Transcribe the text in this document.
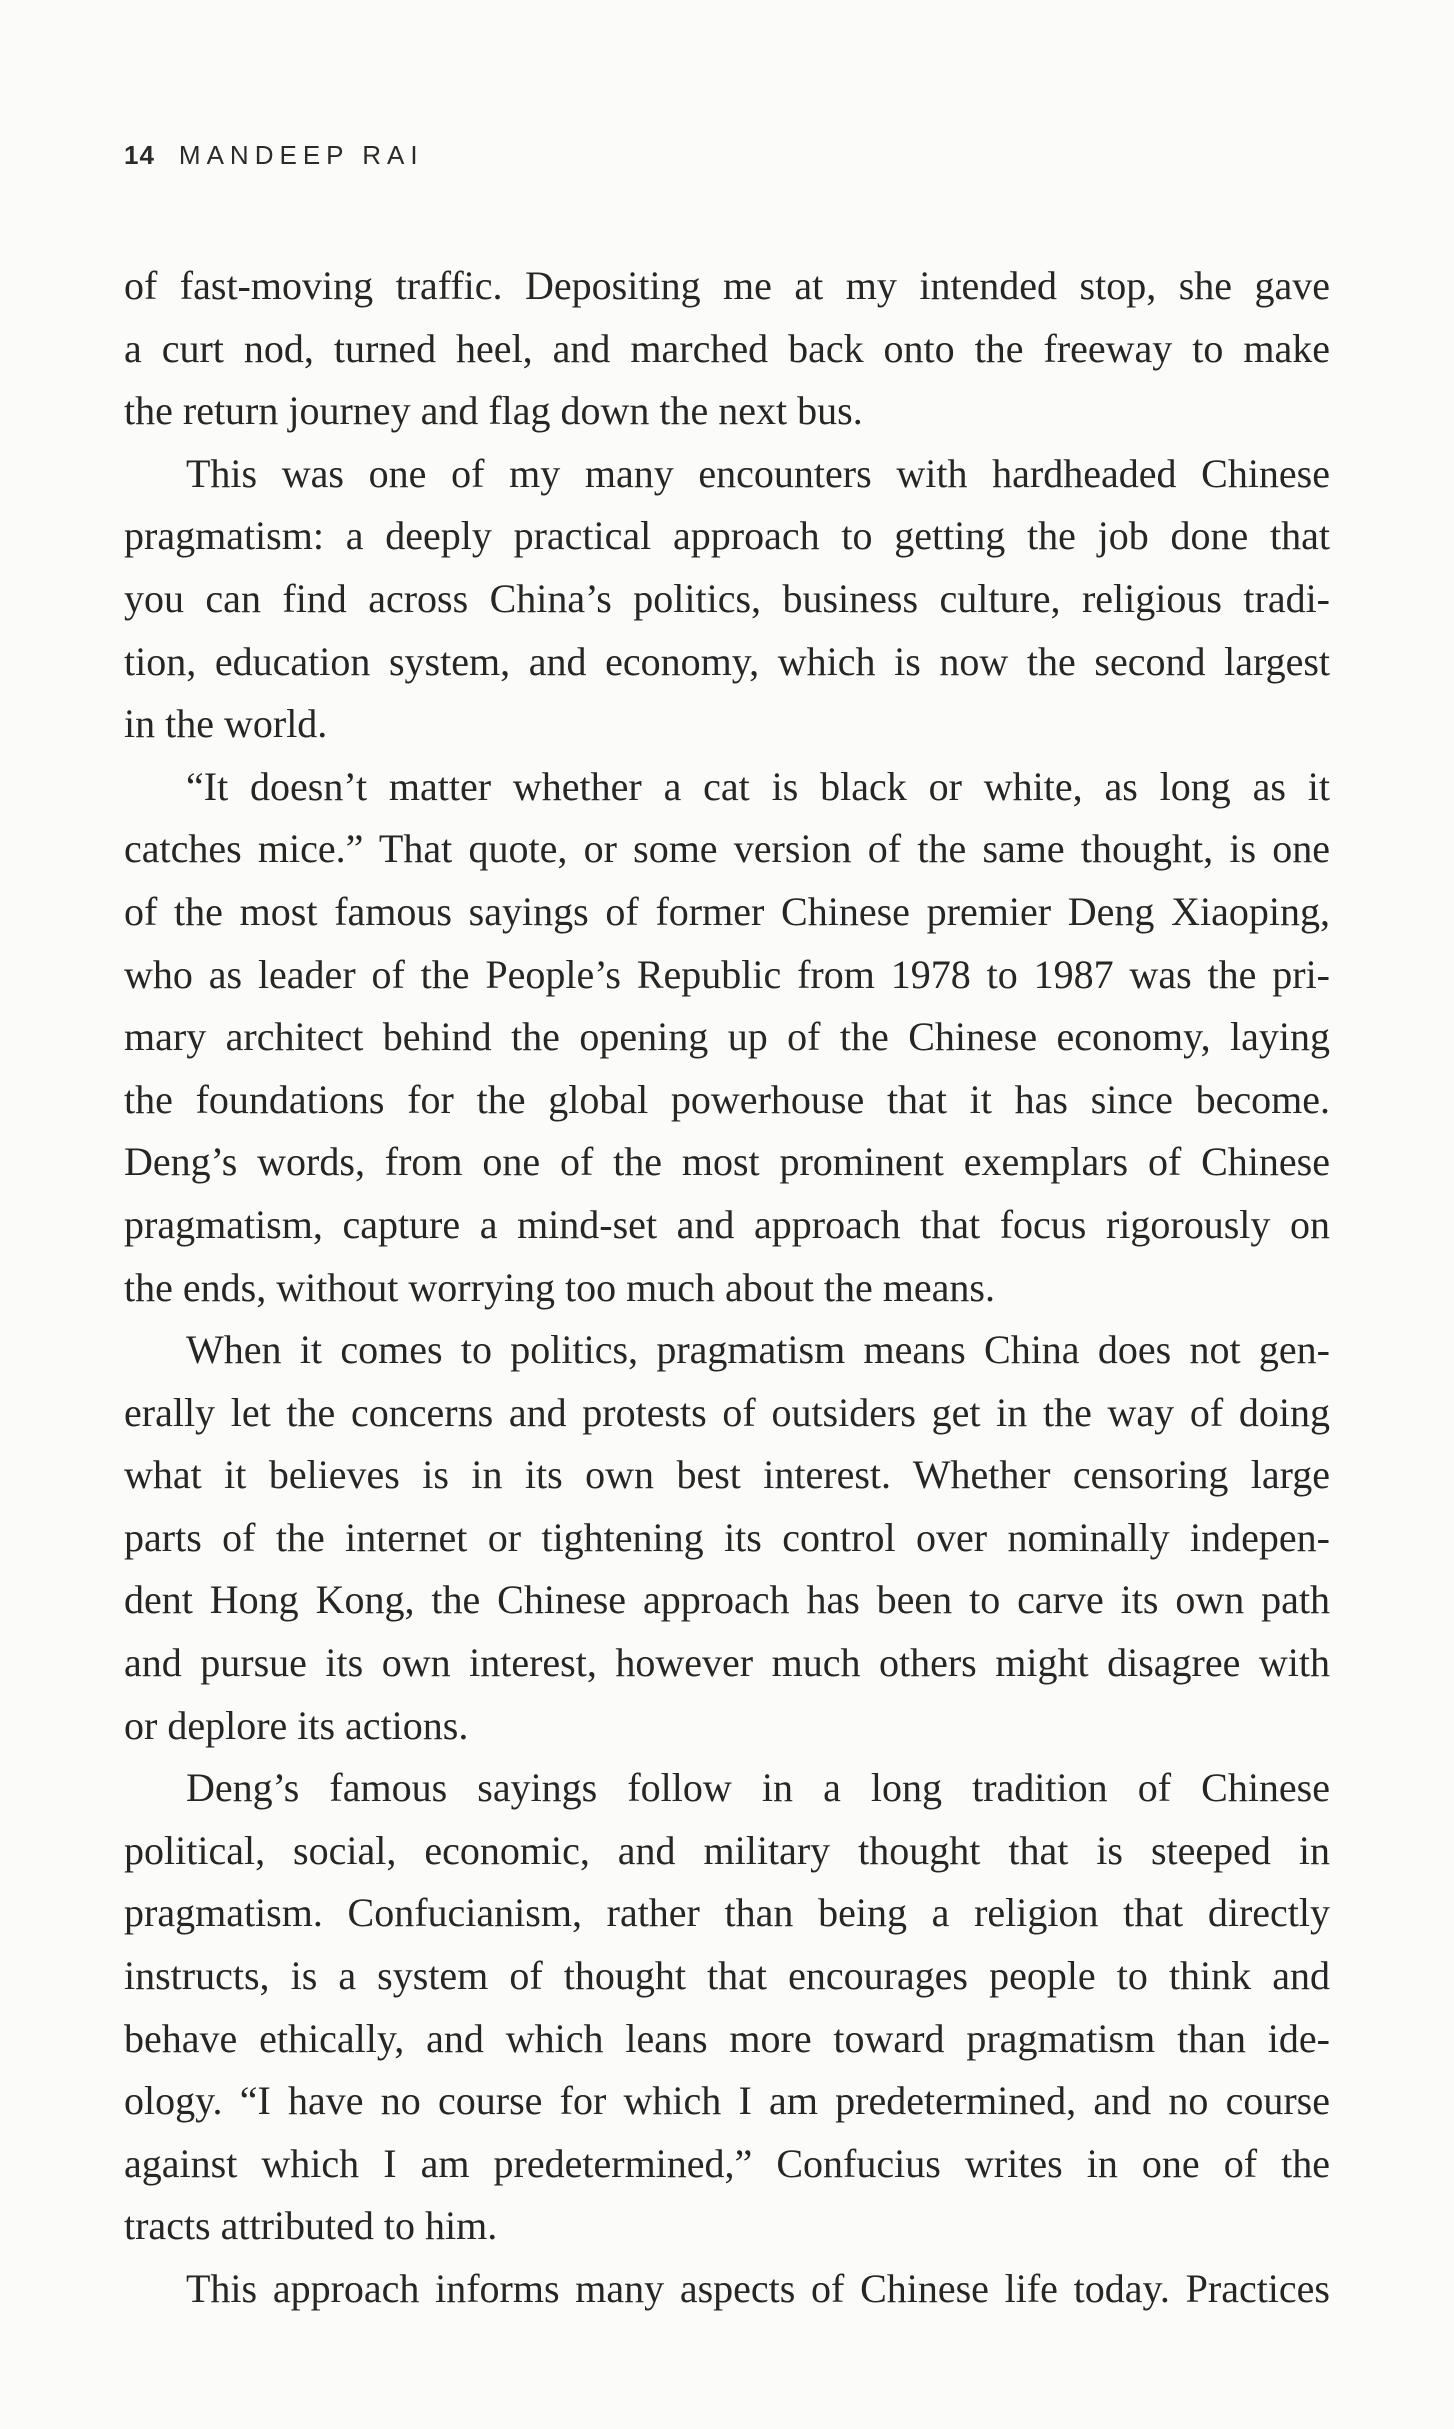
14 MANDEEP RAI
of fast-moving traffic. Depositing me at my intended stop, she gave
a curt nod, turned heel, and marched back onto the freeway to make
the return journey and flag down the next bus.
This was one of my many encounters with hardheaded Chinese
pragmatism: a deeply practical approach to getting the job done that
you can find across China’s politics, business culture, religious tradi-
tion, education system, and economy, which is now the second largest
in the world.
“It doesn’t matter whether a cat is black or white, as long as it
catches mice.” That quote, or some version of the same thought, is one
of the most famous sayings of former Chinese premier Deng Xiaoping,
who as leader of the People’s Republic from 1978 to 1987 was the pri-
mary architect behind the opening up of the Chinese economy, laying
the foundations for the global powerhouse that it has since become.
Deng’s words, from one of the most prominent exemplars of Chinese
pragmatism, capture a mind-set and approach that focus rigorously on
the ends, without worrying too much about the means.
When it comes to politics, pragmatism means China does not gen-
erally let the concerns and protests of outsiders get in the way of doing
what it believes is in its own best interest. Whether censoring large
parts of the internet or tightening its control over nominally indepen-
dent Hong Kong, the Chinese approach has been to carve its own path
and pursue its own interest, however much others might disagree with
or deplore its actions.
Deng’s famous sayings follow in a long tradition of Chinese
political, social, economic, and military thought that is steeped in
pragmatism. Confucianism, rather than being a religion that directly
instructs, is a system of thought that encourages people to think and
behave ethically, and which leans more toward pragmatism than ide-
ology. “I have no course for which I am predetermined, and no course
against which I am predetermined,” Confucius writes in one of the
tracts attributed to him.
This approach informs many aspects of Chinese life today. Practices
